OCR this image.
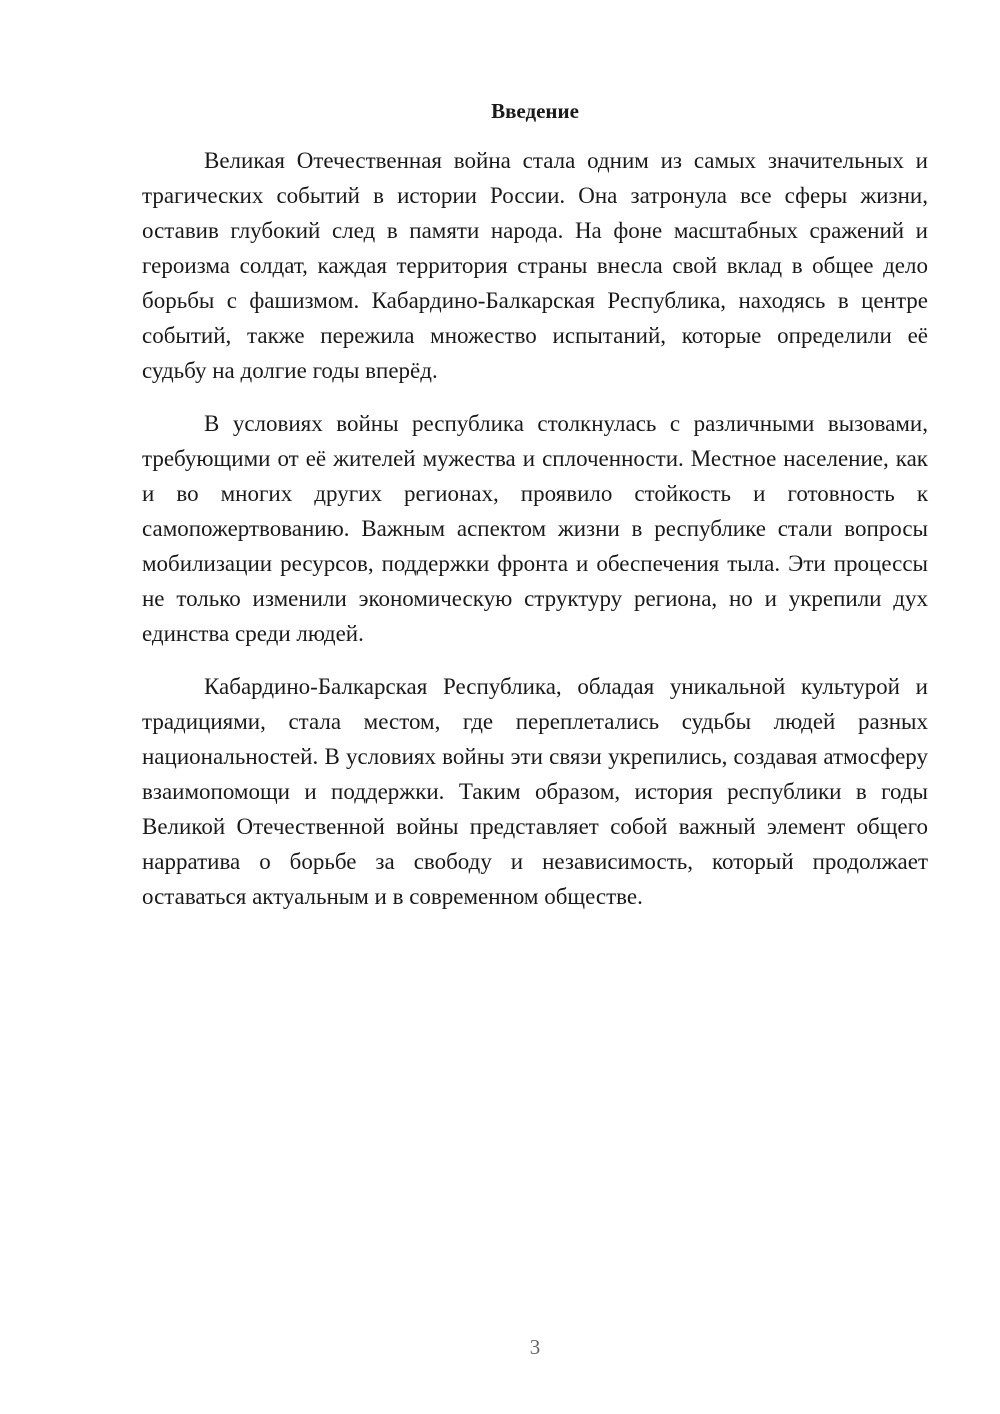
Введение

Великая Отечественная война стала одним из самых значительных и трагических событий в истории России. Она затронула все сферы жизни, оставив глубокий след в памяти народа. На фоне масштабных сражений и героизма солдат, каждая территория страны внесла свой вклад в общее дело борьбы с фашизмом. Кабардино-Балкарская Республика, находясь в центре событий, также пережила множество испытаний, которые определили её судьбу на долгие годы вперёд.

В условиях войны республика столкнулась с различными вызовами, требующими от её жителей мужества и сплоченности. Местное население, как и во многих других регионах, проявило стойкость и готовность к самопожертвованию. Важным аспектом жизни в республике стали вопросы мобилизации ресурсов, поддержки фронта и обеспечения тыла. Эти процессы не только изменили экономическую структуру региона, но и укрепили дух единства среди людей.

Кабардино-Балкарская Республика, обладая уникальной культурой и традициями, стала местом, где переплетались судьбы людей разных национальностей. В условиях войны эти связи укрепились, создавая атмосферу взаимопомощи и поддержки. Таким образом, история республики в годы Великой Отечественной войны представляет собой важный элемент общего нарратива о борьбе за свободу и независимость, который продолжает оставаться актуальным и в современном обществе.

3
